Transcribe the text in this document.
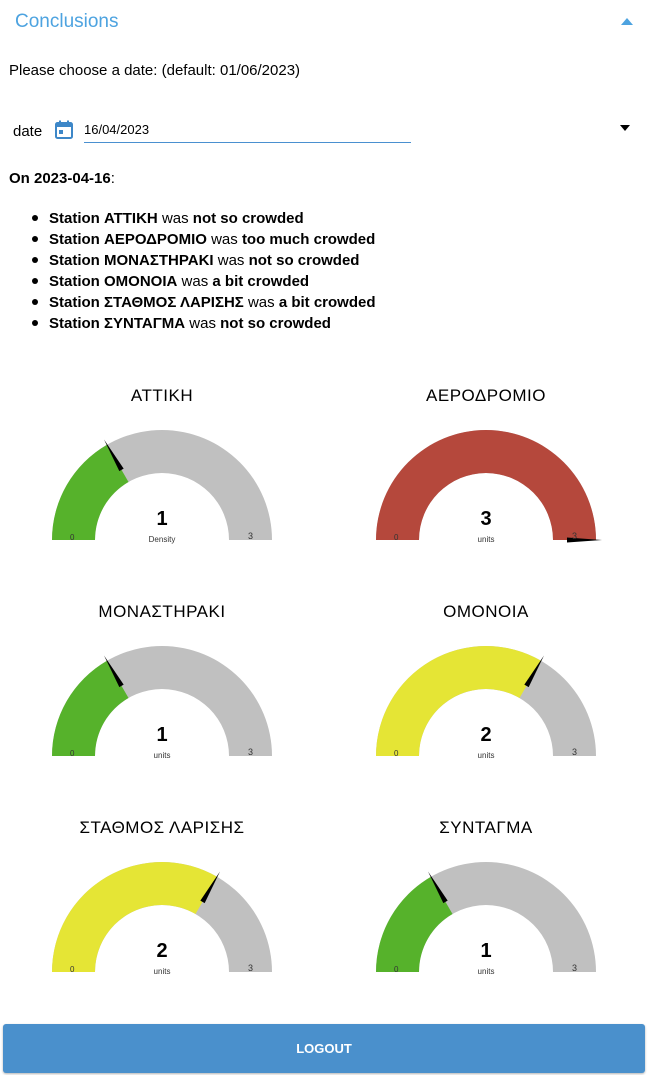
Conclusions
Please choose a date: (default: 01/06/2023)
date
16/04/2023
On 2023-04-16:
Station ΑΤΤΙΚΗ was not so crowded
Station ΑΕΡΟΔΡΟΜΙΟ was too much crowded
Station ΜΟΝΑΣΤΗΡΑΚΙ was not so crowded
Station ΟΜΟΝΟΙΑ was a bit crowded
Station ΣΤΑΘΜΟΣ ΛΑΡΙΣΗΣ was a bit crowded
Station ΣΥΝΤΑΓΜΑ was not so crowded
ΑΤΤΙΚΗ
1
Density
0	3
ΑΕΡΟΔΡΟΜΙΟ
3
units
0	3
ΜΟΝΑΣΤΗΡΑΚΙ
1
units
0	3
ΟΜΟΝΟΙΑ
2
units
0	3
ΣΤΑΘΜΟΣ ΛΑΡΙΣΗΣ
2
units
0	3
ΣΥΝΤΑΓΜΑ
1
units
0	3
LOGOUT
